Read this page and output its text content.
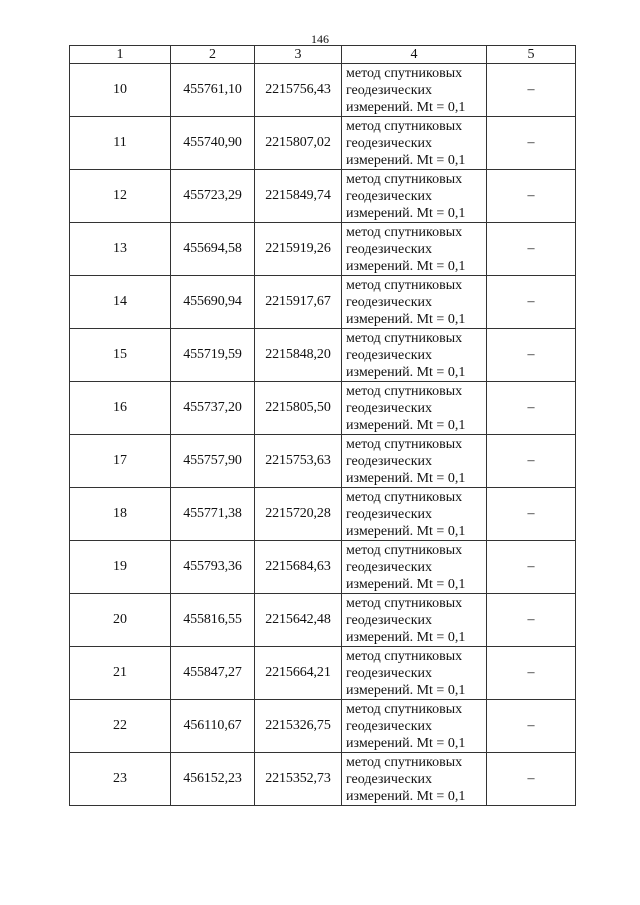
146
1	2	3	4	5
10	455761,10	2215756,43	метод спутниковых
геодезических
измерений. Mt = 0,1	–
11	455740,90	2215807,02	метод спутниковых
геодезических
измерений. Mt = 0,1	–
12	455723,29	2215849,74	метод спутниковых
геодезических
измерений. Mt = 0,1	–
13	455694,58	2215919,26	метод спутниковых
геодезических
измерений. Mt = 0,1	–
14	455690,94	2215917,67	метод спутниковых
геодезических
измерений. Mt = 0,1	–
15	455719,59	2215848,20	метод спутниковых
геодезических
измерений. Mt = 0,1	–
16	455737,20	2215805,50	метод спутниковых
геодезических
измерений. Mt = 0,1	–
17	455757,90	2215753,63	метод спутниковых
геодезических
измерений. Mt = 0,1	–
18	455771,38	2215720,28	метод спутниковых
геодезических
измерений. Mt = 0,1	–
19	455793,36	2215684,63	метод спутниковых
геодезических
измерений. Mt = 0,1	–
20	455816,55	2215642,48	метод спутниковых
геодезических
измерений. Mt = 0,1	–
21	455847,27	2215664,21	метод спутниковых
геодезических
измерений. Mt = 0,1	–
22	456110,67	2215326,75	метод спутниковых
геодезических
измерений. Mt = 0,1	–
23	456152,23	2215352,73	метод спутниковых
геодезических
измерений. Mt = 0,1	–
